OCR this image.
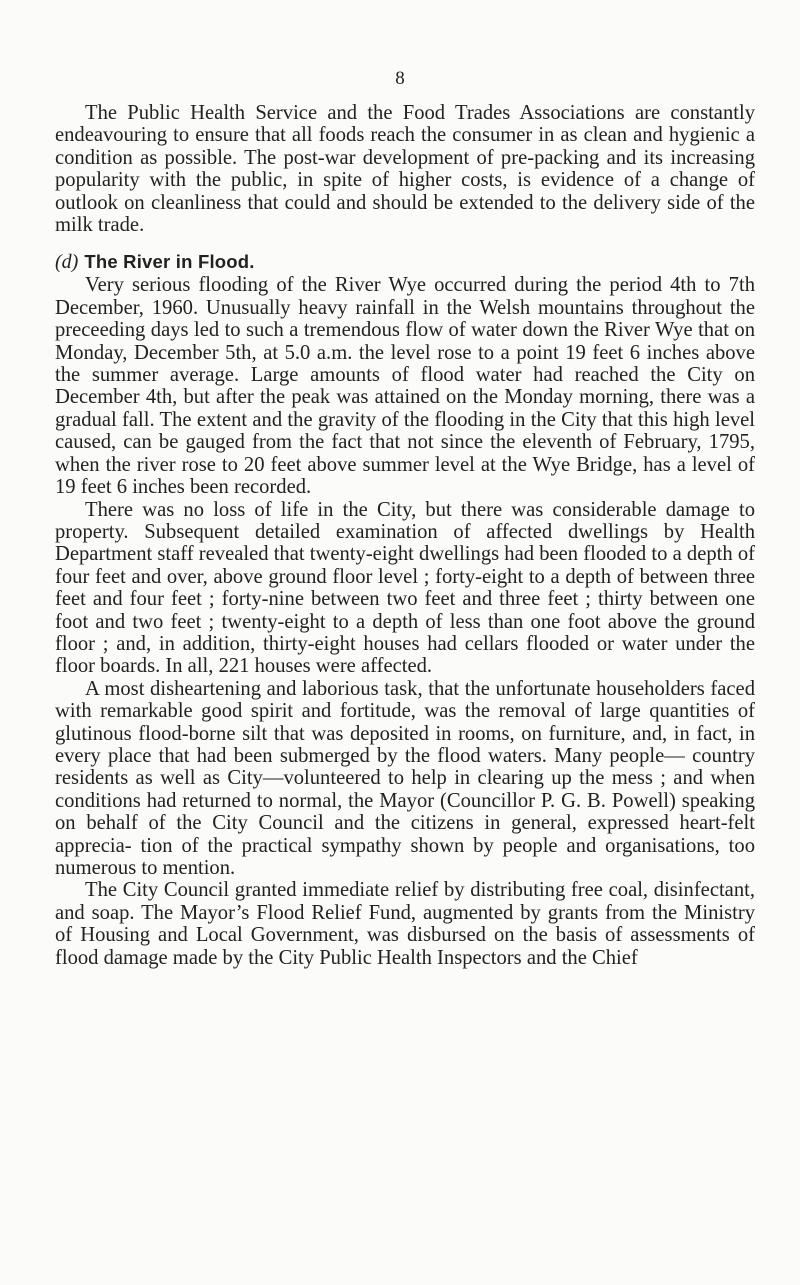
8

The Public Health Service and the Food Trades Associations are constantly endeavouring to ensure that all foods reach the consumer in as clean and hygienic a condition as possible. The post-war development of pre-packing and its increasing popularity with the public, in spite of higher costs, is evidence of a change of outlook on cleanliness that could and should be extended to the delivery side of the milk trade.

(d) The River in Flood.

Very serious flooding of the River Wye occurred during the period 4th to 7th December, 1960. Unusually heavy rainfall in the Welsh mountains throughout the preceeding days led to such a tremendous flow of water down the River Wye that on Monday, December 5th, at 5.0 a.m. the level rose to a point 19 feet 6 inches above the summer average. Large amounts of flood water had reached the City on December 4th, but after the peak was attained on the Monday morning, there was a gradual fall. The extent and the gravity of the flooding in the City that this high level caused, can be gauged from the fact that not since the eleventh of February, 1795, when the river rose to 20 feet above summer level at the Wye Bridge, has a level of 19 feet 6 inches been recorded.

There was no loss of life in the City, but there was considerable damage to property. Subsequent detailed examination of affected dwellings by Health Department staff revealed that twenty-eight dwellings had been flooded to a depth of four feet and over, above ground floor level ; forty-eight to a depth of between three feet and four feet ; forty-nine between two feet and three feet ; thirty between one foot and two feet ; twenty-eight to a depth of less than one foot above the ground floor ; and, in addition, thirty-eight houses had cellars flooded or water under the floor boards. In all, 221 houses were affected.

A most disheartening and laborious task, that the unfortunate householders faced with remarkable good spirit and fortitude, was the removal of large quantities of glutinous flood-borne silt that was deposited in rooms, on furniture, and, in fact, in every place that had been submerged by the flood waters. Many people— country residents as well as City—volunteered to help in clearing up the mess ; and when conditions had returned to normal, the Mayor (Councillor P. G. B. Powell) speaking on behalf of the City Council and the citizens in general, expressed heart-felt apprecia- tion of the practical sympathy shown by people and organisations, too numerous to mention.

The City Council granted immediate relief by distributing free coal, disinfectant, and soap. The Mayor’s Flood Relief Fund, augmented by grants from the Ministry of Housing and Local Government, was disbursed on the basis of assessments of flood damage made by the City Public Health Inspectors and the Chief
